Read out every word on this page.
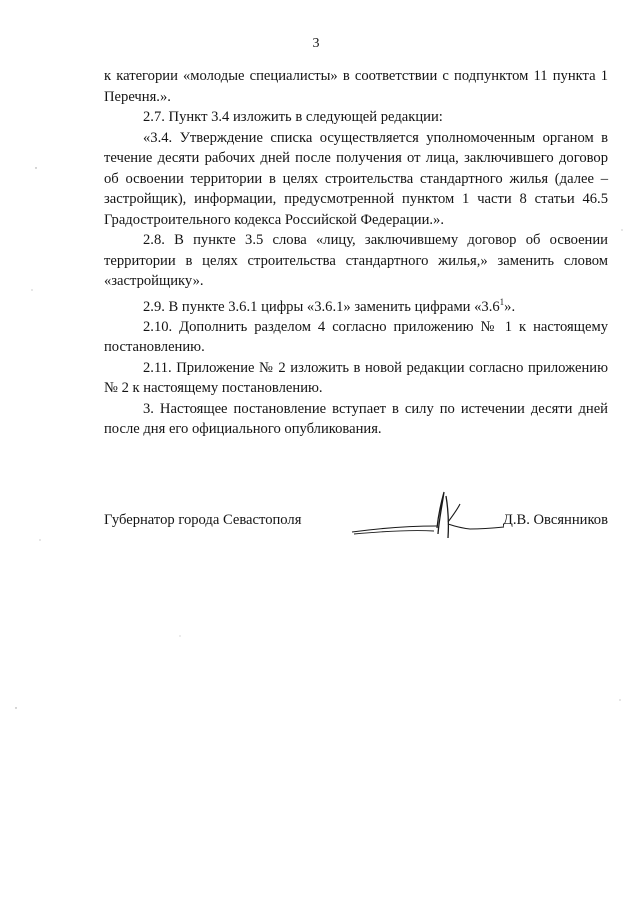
3

к категории «молодые специалисты» в соответствии с подпунктом 11 пункта 1 Перечня.».

2.7. Пункт 3.4 изложить в следующей редакции:

«3.4. Утверждение списка осуществляется уполномоченным органом в течение десяти рабочих дней после получения от лица, заключившего договор об освоении территории в целях строительства стандартного жилья (далее – застройщик), информации, предусмотренной пунктом 1 части 8 статьи 46.5 Градостроительного кодекса Российской Федерации.».

2.8. В пункте 3.5 слова «лицу, заключившему договор об освоении территории в целях строительства стандартного жилья,» заменить словом «застройщику».

2.9. В пункте 3.6.1 цифры «3.6.1» заменить цифрами «$3.6^1$».

2.10. Дополнить разделом 4 согласно приложению № 1 к настоящему постановлению.

2.11. Приложение № 2 изложить в новой редакции согласно приложению № 2 к настоящему постановлению.

3. Настоящее постановление вступает в силу по истечении десяти дней после дня его официального опубликования.

Губернатор города Севастополя	Д.В. Овсянников
